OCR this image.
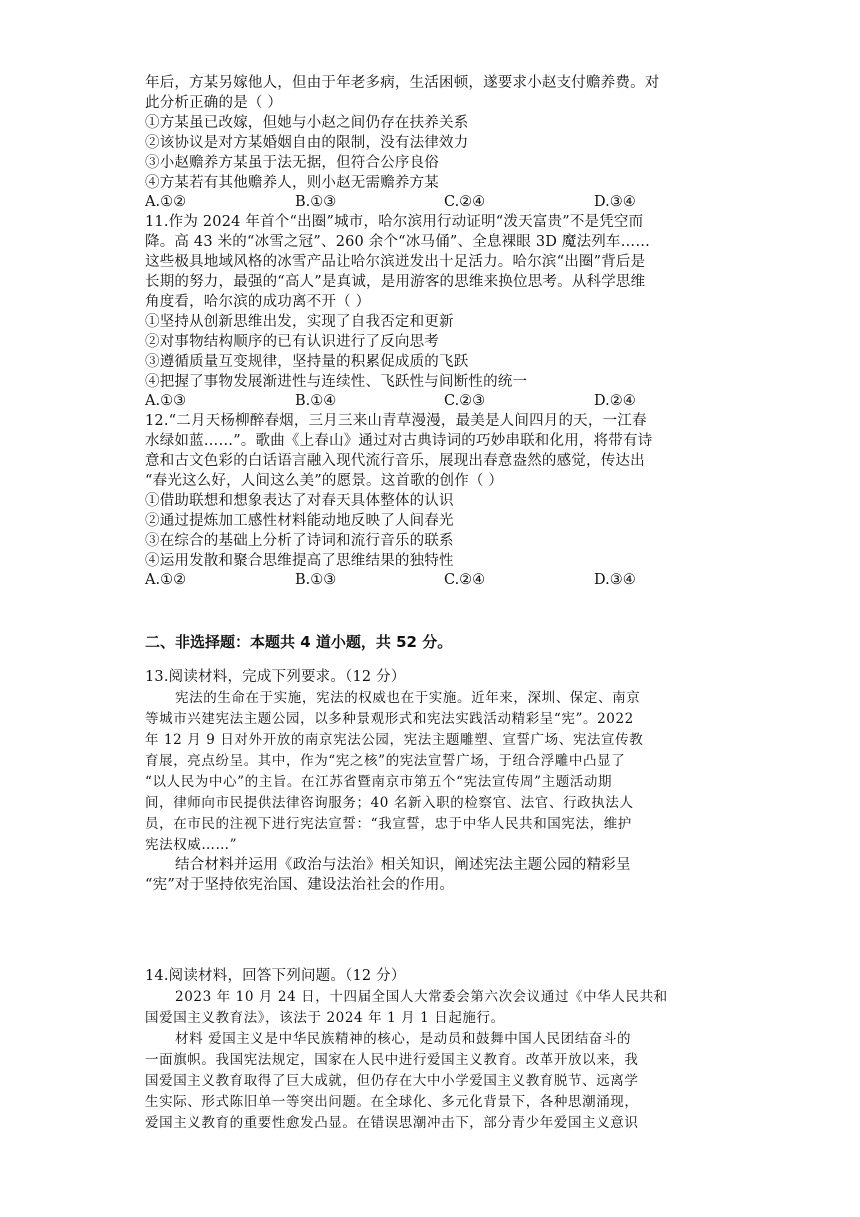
年后，方某另嫁他人，但由于年老多病，生活困顿，遂要求小赵支付赡养费。对
此分析正确的是（ ）
①方某虽已改嫁，但她与小赵之间仍存在扶养关系
②该协议是对方某婚姻自由的限制，没有法律效力
③小赵赡养方某虽于法无据，但符合公序良俗
④方某若有其他赡养人，则小赵无需赡养方某
A.①②	B.①③	C.②④	D.③④
11.作为 2024 年首个“出圈”城市，哈尔滨用行动证明“泼天富贵”不是凭空而
降。高 43 米的“冰雪之冠”、260 余个“冰马俑”、全息裸眼 3D 魔法列车……
这些极具地域风格的冰雪产品让哈尔滨迸发出十足活力。哈尔滨“出圈”背后是
长期的努力，最强的“高人”是真诚，是用游客的思维来换位思考。从科学思维
角度看，哈尔滨的成功离不开（ ）
①坚持从创新思维出发，实现了自我否定和更新
②对事物结构顺序的已有认识进行了反向思考
③遵循质量互变规律，坚持量的积累促成质的飞跃
④把握了事物发展渐进性与连续性、飞跃性与间断性的统一
A.①③	B.①④	C.②③	D.②④
12.“二月天杨柳醉春烟，三月三来山青草漫漫，最美是人间四月的天，一江春
水绿如蓝……”。歌曲《上春山》通过对古典诗词的巧妙串联和化用，将带有诗
意和古文色彩的白话语言融入现代流行音乐，展现出春意盎然的感觉，传达出
“春光这么好，人间这么美”的愿景。这首歌的创作（ ）
①借助联想和想象表达了对春天具体整体的认识
②通过提炼加工感性材料能动地反映了人间春光
③在综合的基础上分析了诗词和流行音乐的联系
④运用发散和聚合思维提高了思维结果的独特性
A.①②	B.①③	C.②④	D.③④
二、非选择题：本题共 4 道小题，共 52 分。
13.阅读材料，完成下列要求。（12 分）
宪法的生命在于实施，宪法的权威也在于实施。近年来，深圳、保定、南京
等城市兴建宪法主题公园，以多种景观形式和宪法实践活动精彩呈“宪”。2022
年 12 月 9 日对外开放的南京宪法公园，宪法主题雕塑、宣誓广场、宪法宣传教
育展，亮点纷呈。其中，作为“宪之核”的宪法宣誓广场，于纽合浮雕中凸显了
“以人民为中心”的主旨。在江苏省暨南京市第五个“宪法宣传周”主题活动期
间，律师向市民提供法律咨询服务；40 名新入职的检察官、法官、行政执法人
员，在市民的注视下进行宪法宣誓：“我宣誓，忠于中华人民共和国宪法，维护
宪法权威……”
结合材料并运用《政治与法治》相关知识，阐述宪法主题公园的精彩呈
“宪”对于坚持依宪治国、建设法治社会的作用。
14.阅读材料，回答下列问题。（12 分）
2023 年 10 月 24 日，十四届全国人大常委会第六次会议通过《中华人民共和
国爱国主义教育法》，该法于 2024 年 1 月 1 日起施行。
材料 爱国主义是中华民族精神的核心，是动员和鼓舞中国人民团结奋斗的
一面旗帜。我国宪法规定，国家在人民中进行爱国主义教育。改革开放以来，我
国爱国主义教育取得了巨大成就，但仍存在大中小学爱国主义教育脱节、远离学
生实际、形式陈旧单一等突出问题。在全球化、多元化背景下，各种思潮涌现，
爱国主义教育的重要性愈发凸显。在错误思潮冲击下，部分青少年爱国主义意识
